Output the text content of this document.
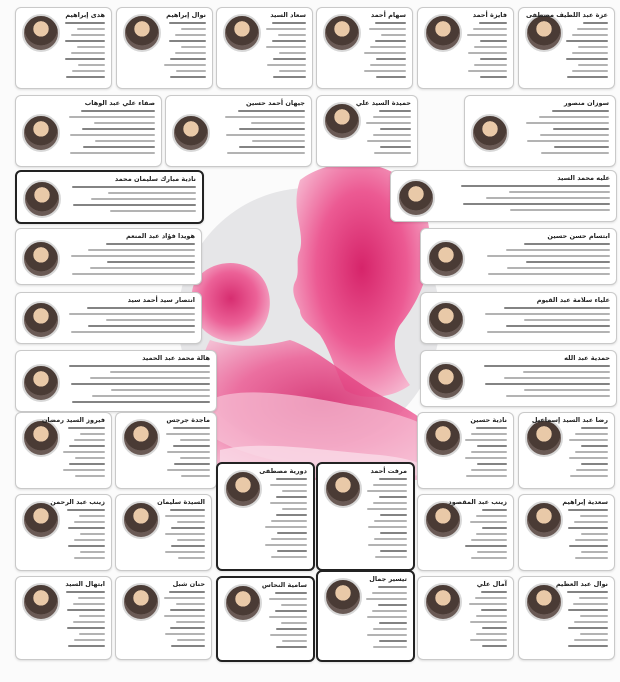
عزة عبد اللطيف مصطفى
فايزة أحمد
سهام أحمد
سعاد السيد
نوال إبراهيم
هدى إبراهيم
سوزان منصور
حميدة السيد علي
جيهان أحمد حسين
صفاء علي عبد الوهاب
عليه محمد السيد
نادية مبارك سليمان محمد
ابتسام حسن حسين
هويدا فؤاد عبد المنعم
علياء سلامة عبد القيوم
انتصار سيد أحمد سيد
حمدية عبد الله
هالة محمد عبد الحميد
رضا عبد السيد إسماعيل
نادية حسين
ماجدة جرجس
فيروز السيد رمضان
سعدية إبراهيم
زينب عبد المقصود
مرفت أحمد
دورية مصطفى
السيدة سليمان
زينب عبد الرحمن
نوال عبد العظيم
آمال علي
تيسير جمال
سامية النحاس
حنان شبل
ابتهال السيد
